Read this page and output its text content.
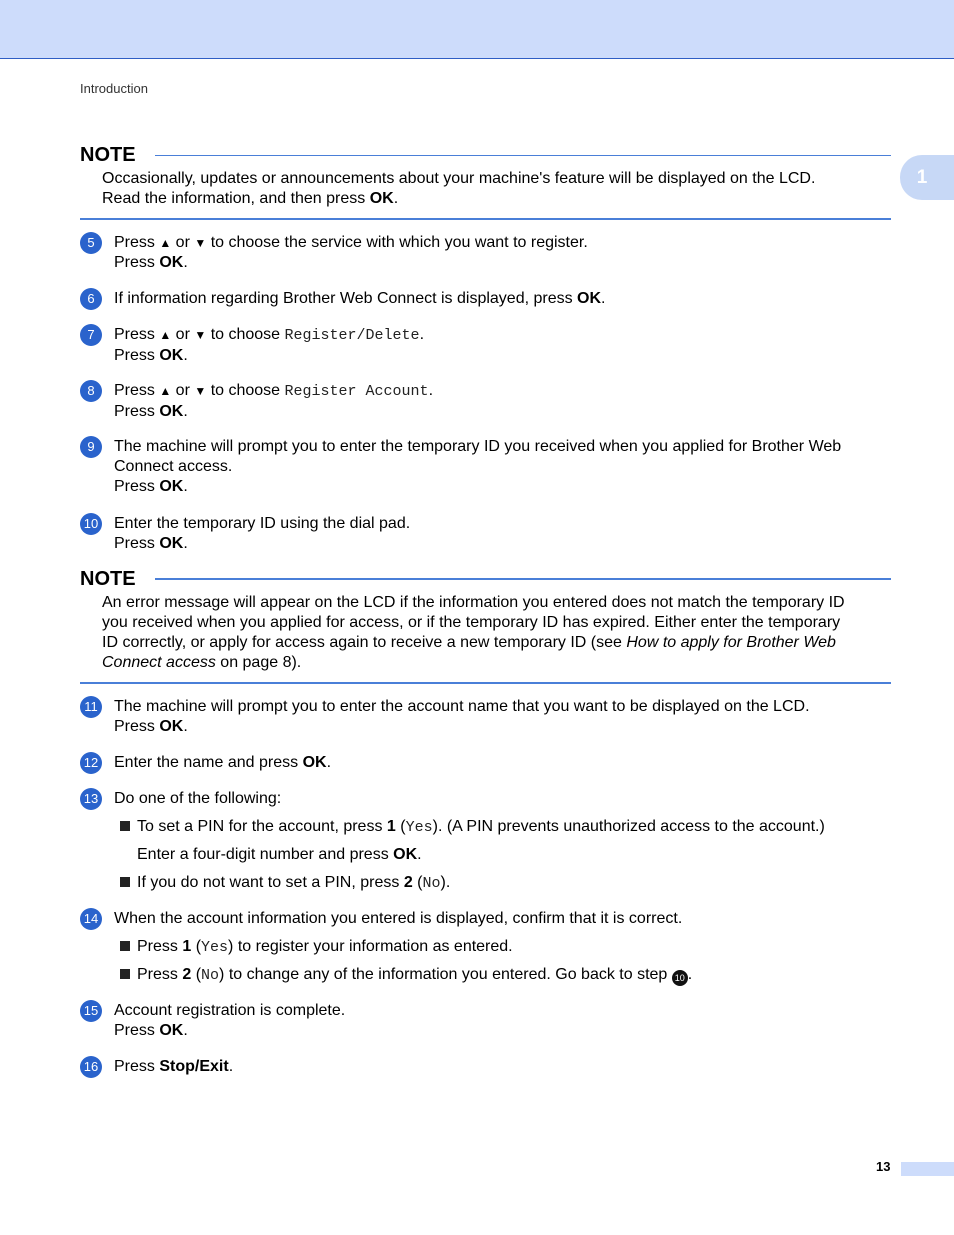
Introduction
1
NOTE
Occasionally, updates or announcements about your machine's feature will be displayed on the LCD.
Read the information, and then press OK.
5	Press ▲ or ▼ to choose the service with which you want to register.
Press OK.
6	If information regarding Brother Web Connect is displayed, press OK.
7	Press ▲ or ▼ to choose Register/Delete.
Press OK.
8	Press ▲ or ▼ to choose Register Account.
Press OK.
9	The machine will prompt you to enter the temporary ID you received when you applied for Brother Web
Connect access.
Press OK.
10 Enter the temporary ID using the dial pad.
Press OK.
NOTE
An error message will appear on the LCD if the information you entered does not match the temporary ID
you received when you applied for access, or if the temporary ID has expired. Either enter the temporary
ID correctly, or apply for access again to receive a new temporary ID (see How to apply for Brother Web
Connect access on page 8).
11 The machine will prompt you to enter the account name that you want to be displayed on the LCD.
Press OK.
12 Enter the name and press OK.
13 Do one of the following:
To set a PIN for the account, press 1 (Yes). (A PIN prevents unauthorized access to the account.)
Enter a four-digit number and press OK.
If you do not want to set a PIN, press 2 (No).
14 When the account information you entered is displayed, confirm that it is correct.
Press 1 (Yes) to register your information as entered.
Press 2 (No) to change any of the information you entered. Go back to step 10 .
15 Account registration is complete.
Press OK.
16 Press Stop/Exit.
13
